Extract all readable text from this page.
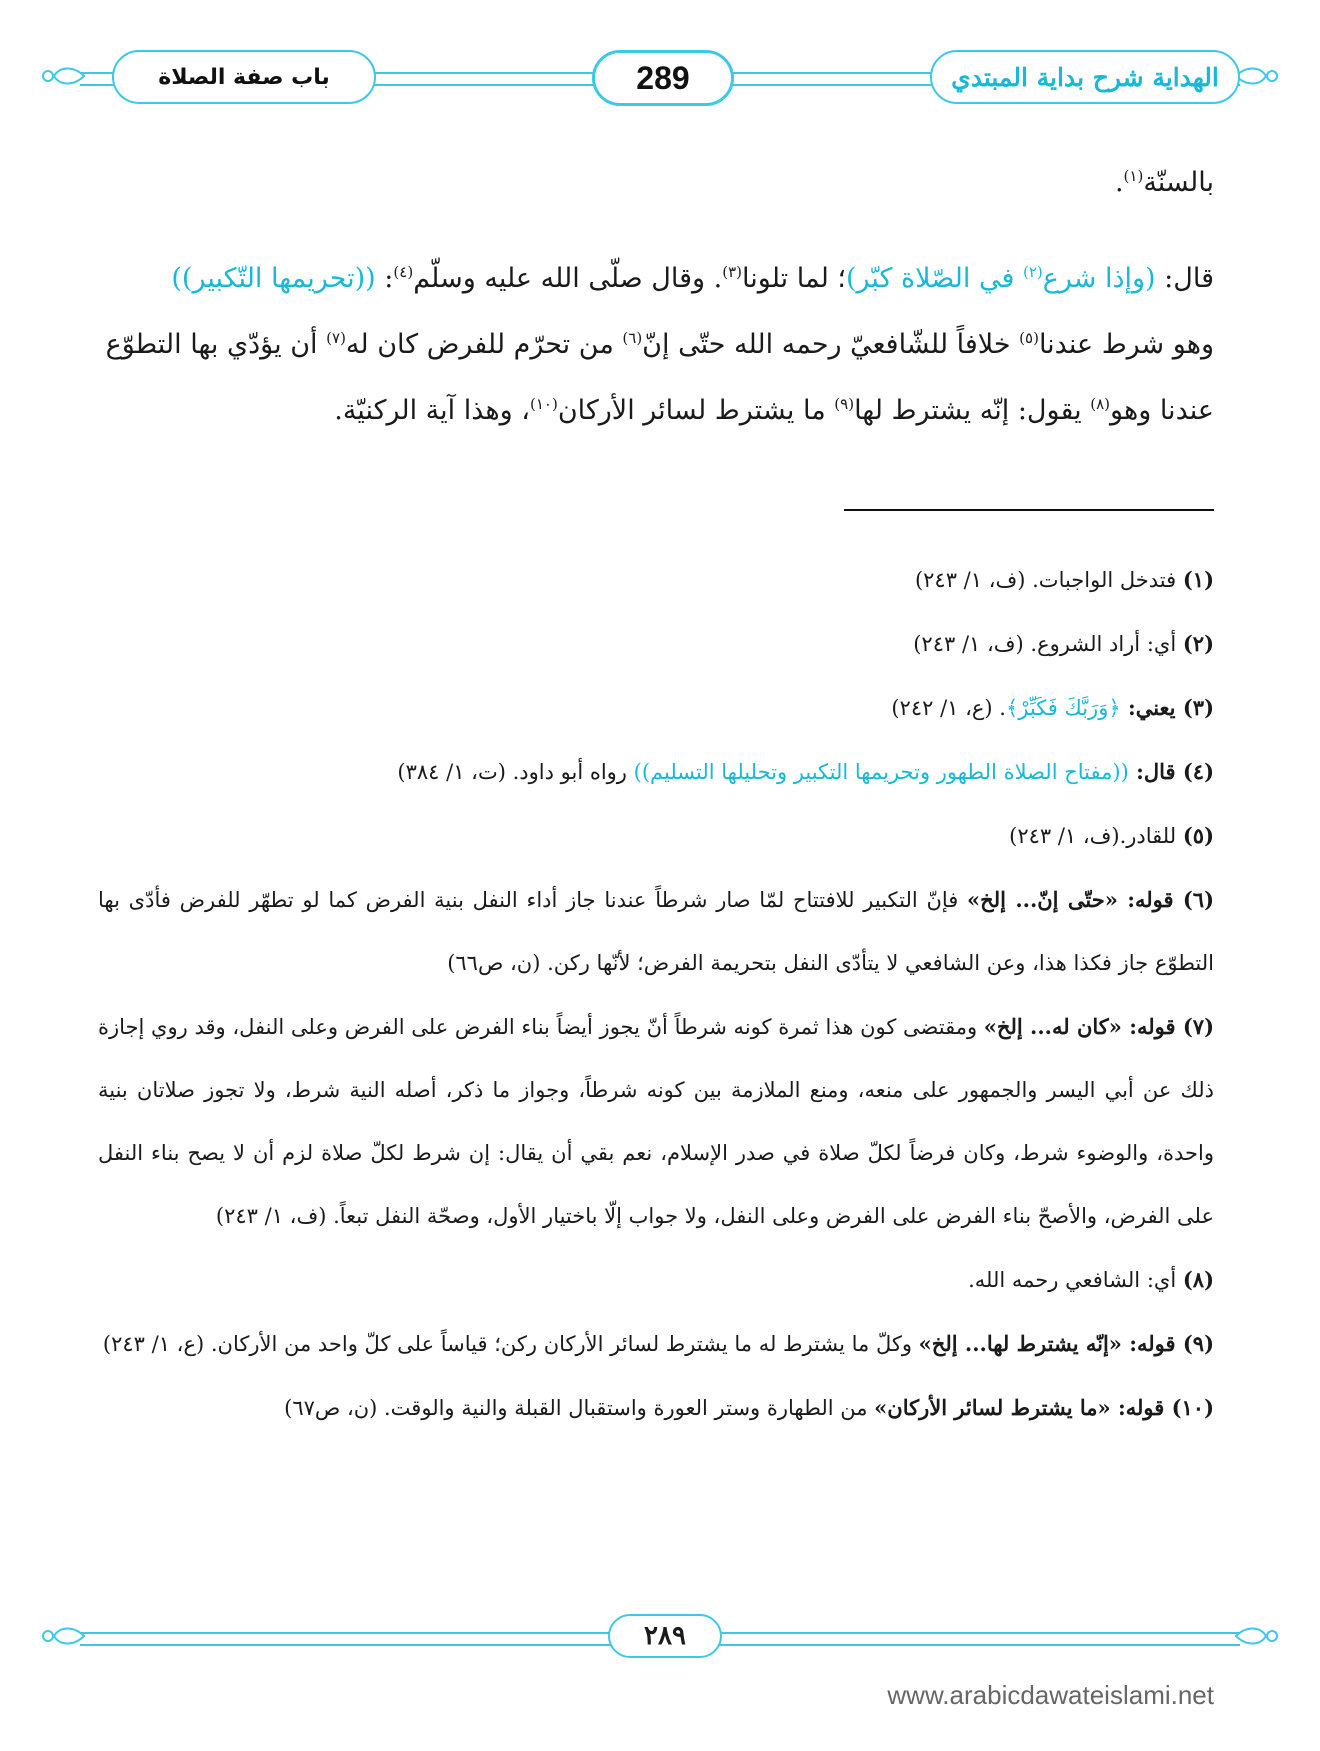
باب صفة الصلاة	289	الهداية شرح بداية المبتدي

بالسنّة$^{(١)}$.

قال: (وإذا شرع$^{(٢)}$ في الصّلاة كبّر)؛ لما تلونا$^{(٣)}$. وقال صلّى الله عليه وسلّم$^{(٤)}$: ((تحريمها التّكبير))

وهو شرط عندنا$^{(٥)}$ خلافاً للشّافعيّ رحمه الله حتّى إنّ$^{(٦)}$ من تحرّم للفرض كان له$^{(٧)}$ أن يؤدّي بها التطوّع

عندنا وهو$^{(٨)}$ يقول: إنّه يشترط لها$^{(٩)}$ ما يشترط لسائر الأركان$^{(١٠)}$، وهذا آية الركنيّة.

(١) فتدخل الواجبات. (ف، ١/ ٢٤٣)

(٢) أي: أراد الشروع. (ف، ١/ ٢٤٣)

(٣) يعني: ﴿وَرَبَّكَ فَكَبِّرْ﴾. (ع، ١/ ٢٤٢)

(٤) قال: ((مفتاح الصلاة الطهور وتحريمها التكبير وتحليلها التسليم)) رواه أبو داود. (ت، ١/ ٣٨٤)

(٥) للقادر.(ف، ١/ ٢٤٣)

(٦) قوله: «حتّى إنّ... إلخ» فإنّ التكبير للافتتاح لمّا صار شرطاً عندنا جاز أداء النفل بنية الفرض كما لو تطهّر للفرض فأدّى بها التطوّع جاز فكذا هذا، وعن الشافعي لا يتأدّى النفل بتحريمة الفرض؛ لأنّها ركن. (ن، ص٦٦)

(٧) قوله: «كان له... إلخ» ومقتضى كون هذا ثمرة كونه شرطاً أنّ يجوز أيضاً بناء الفرض على الفرض وعلى النفل، وقد روي إجازة ذلك عن أبي اليسر والجمهور على منعه، ومنع الملازمة بين كونه شرطاً، وجواز ما ذكر، أصله النية شرط، ولا تجوز صلاتان بنية واحدة، والوضوء شرط، وكان فرضاً لكلّ صلاة في صدر الإسلام، نعم بقي أن يقال: إن شرط لكلّ صلاة لزم أن لا يصح بناء النفل على الفرض، والأصحّ بناء الفرض على الفرض وعلى النفل، ولا جواب إلّا باختيار الأول، وصحّة النفل تبعاً. (ف، ١/ ٢٤٣)

(٨) أي: الشافعي رحمه الله.

(٩) قوله: «إنّه يشترط لها... إلخ» وكلّ ما يشترط له ما يشترط لسائر الأركان ركن؛ قياساً على كلّ واحد من الأركان. (ع، ١/ ٢٤٣)

(١٠) قوله: «ما يشترط لسائر الأركان» من الطهارة وستر العورة واستقبال القبلة والنية والوقت. (ن، ص٦٧)

٢٨٩
www.arabicdawateislami.net
